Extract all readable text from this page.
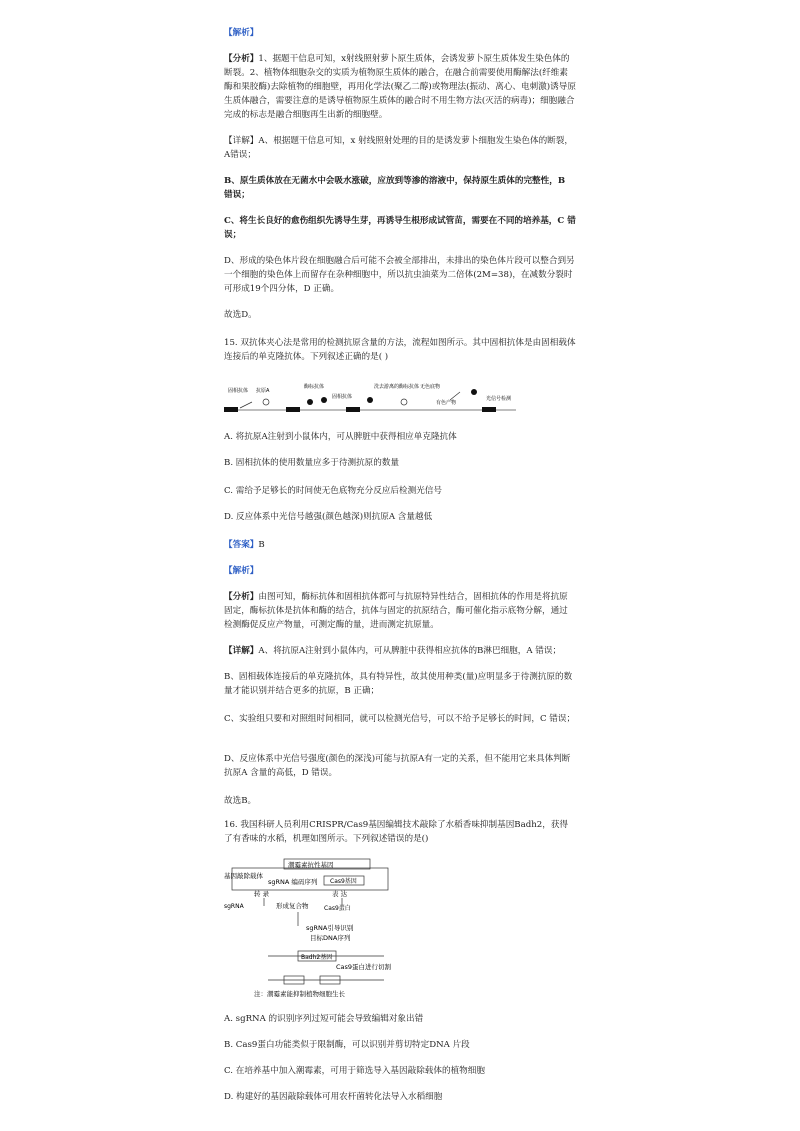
【解析】

【分析】1、据题干信息可知，x射线照射萝卜原生质体，会诱发萝卜原生质体发生染色体的断裂。2、植物体细胞杂交的实质为植物原生质体的融合，在融合前需要使用酶解法(纤维素酶和果胶酶)去除植物的细胞壁，再用化学法(聚乙二醇)或物理法(振动、离心、电刺激)诱导原生质体融合，需要注意的是诱导植物原生质体的融合时不用生物方法(灭活的病毒)；细胞融合完成的标志是融合细胞再生出新的细胞壁。

【详解】A、根据题干信息可知，x 射线照射处理的目的是诱发萝卜细胞发生染色体的断裂，A错误；

B、原生质体放在无菌水中会吸水涨破，应放到等渗的溶液中，保持原生质体的完整性，B 错误；

C、将生长良好的愈伤组织先诱导生芽，再诱导生根形成试管苗，需要在不同的培养基，C 错误；

D、形成的染色体片段在细胞融合后可能不会被全部排出，未排出的染色体片段可以整合到另一个细胞的染色体上而留存在杂种细胞中，所以抗虫油菜为二倍体(2M=38)，在减数分裂时可形成19个四分体，D 正确。

故选D。

15. 双抗体夹心法是常用的检测抗原含量的方法，流程如图所示。其中固相抗体是由固相载体连接后的单克隆抗体。下列叙述正确的是( )

固相抗体 抗原A
酶标抗体
固相抗体
洗去游离的酶标抗体 无色底物
有色产物
光信号检测

A. 将抗原A注射到小鼠体内，可从脾脏中获得相应单克隆抗体

B. 固相抗体的使用数量应多于待测抗原的数量

C. 需给予足够长的时间使无色底物充分反应后检测光信号

D. 反应体系中光信号越强(颜色越深)则抗原A 含量越低

【答案】B

【解析】

【分析】由图可知，酶标抗体和固相抗体都可与抗原特异性结合，固相抗体的作用是将抗原固定，酶标抗体是抗体和酶的结合，抗体与固定的抗原结合，酶可催化指示底物分解，通过检测酶促反应产物量，可测定酶的量，进而测定抗原量。

【详解】A、将抗原A注射到小鼠体内，可从脾脏中获得相应抗体的B淋巴细胞，A 错误；

B、固相载体连接后的单克隆抗体，具有特异性，故其使用种类(量)应明显多于待测抗原的数量才能识别并结合更多的抗原，B 正确；

C、实验组只要和对照组时间相同，就可以检测光信号，可以不给予足够长的时间，C 错误；

D、反应体系中光信号强度(颜色的深浅)可能与抗原A有一定的关系，但不能用它来具体判断抗原A 含量的高低，D 错误。

故选B。

16. 我国科研人员利用CRISPR/Cas9基因编辑技术敲除了水稻香味抑制基因Badh2，获得了有香味的水稻，机理如图所示。下列叙述错误的是()

潮霉素抗性基因
基因敲除载体
sgRNA 编码序列 Cas9基因
转 录	表 达
sgRNA	形成复合物	Cas9蛋白
sgRNA引导识别
目标DNA序列
Badh2基因
Cas9蛋白进行切割
注：潮霉素能抑制植物细胞生长

A. sgRNA 的识别序列过短可能会导致编辑对象出错

B. Cas9蛋白功能类似于限制酶，可以识别并剪切特定DNA 片段

C. 在培养基中加入潮霉素，可用于筛选导入基因敲除载体的植物细胞

D. 构建好的基因敲除载体可用农杆菌转化法导入水稻细胞
